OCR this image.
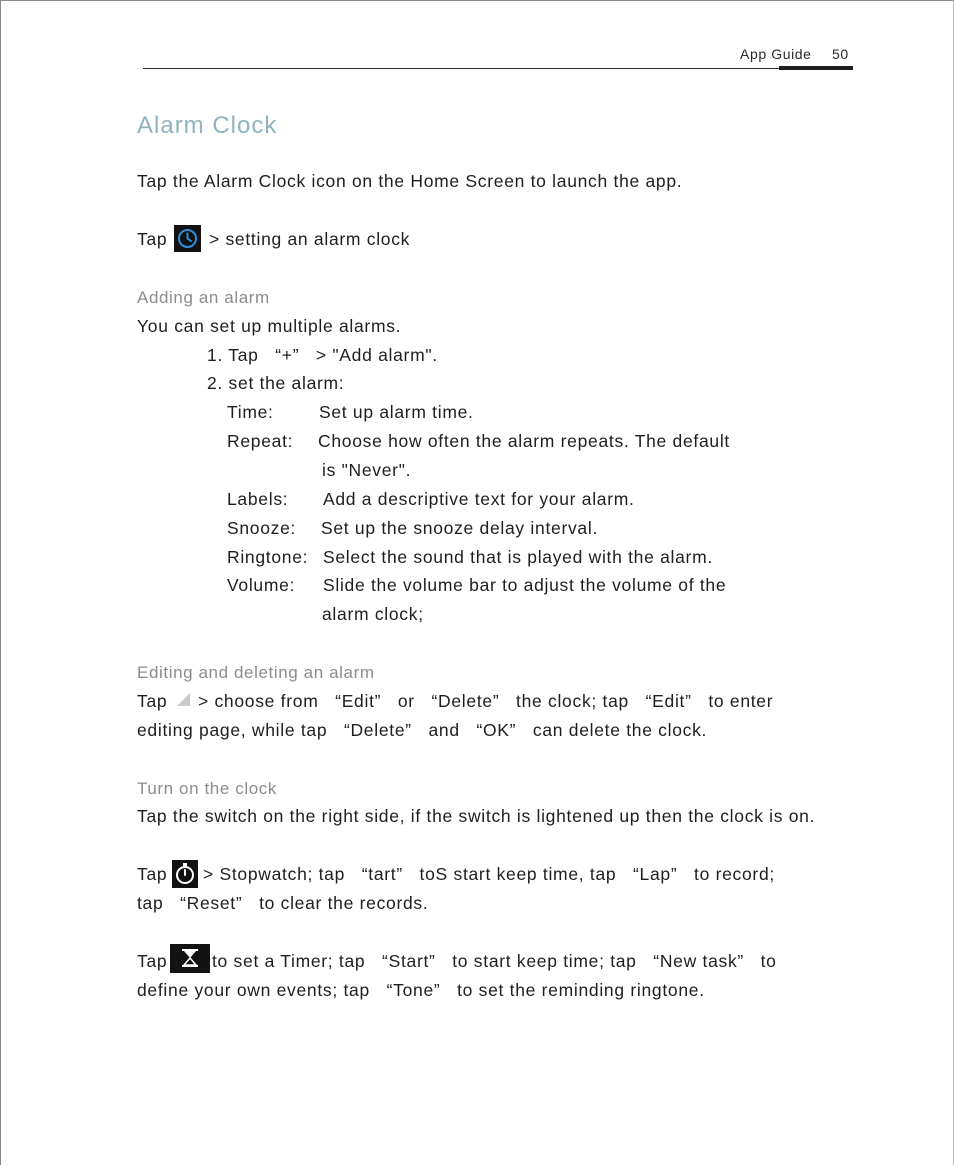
App Guide 50
Alarm Clock
Tap the Alarm Clock icon on the Home Screen to launch the app.
Tap > setting an alarm clock
Adding an alarm
You can set up multiple alarms.
1. Tap   “+”   > "Add alarm".
2. set the alarm:
Time:	Set up alarm time.
Repeat: Choose how often the alarm repeats. The default
is "Never".
Labels: Add a descriptive text for your alarm.
Snooze: Set up the snooze delay interval.
Ringtone: Select the sound that is played with the alarm.
Volume: Slide the volume bar to adjust the volume of the
alarm clock;
Editing and deleting an alarm
Tap > choose from   “Edit”   or   “Delete”   the clock; tap   “Edit”   to enter
editing page, while tap   “Delete”   and   “OK”   can delete the clock.
Turn on the clock
Tap the switch on the right side, if the switch is lightened up then the clock is on.
Tap > Stopwatch; tap   “tart”   toS start keep time, tap   “Lap”   to record;
tap   “Reset”   to clear the records.
Tap	to set a Timer; tap   “Start”   to start keep time; tap   “New task”   to
define your own events; tap   “Tone”   to set the reminding ringtone.
